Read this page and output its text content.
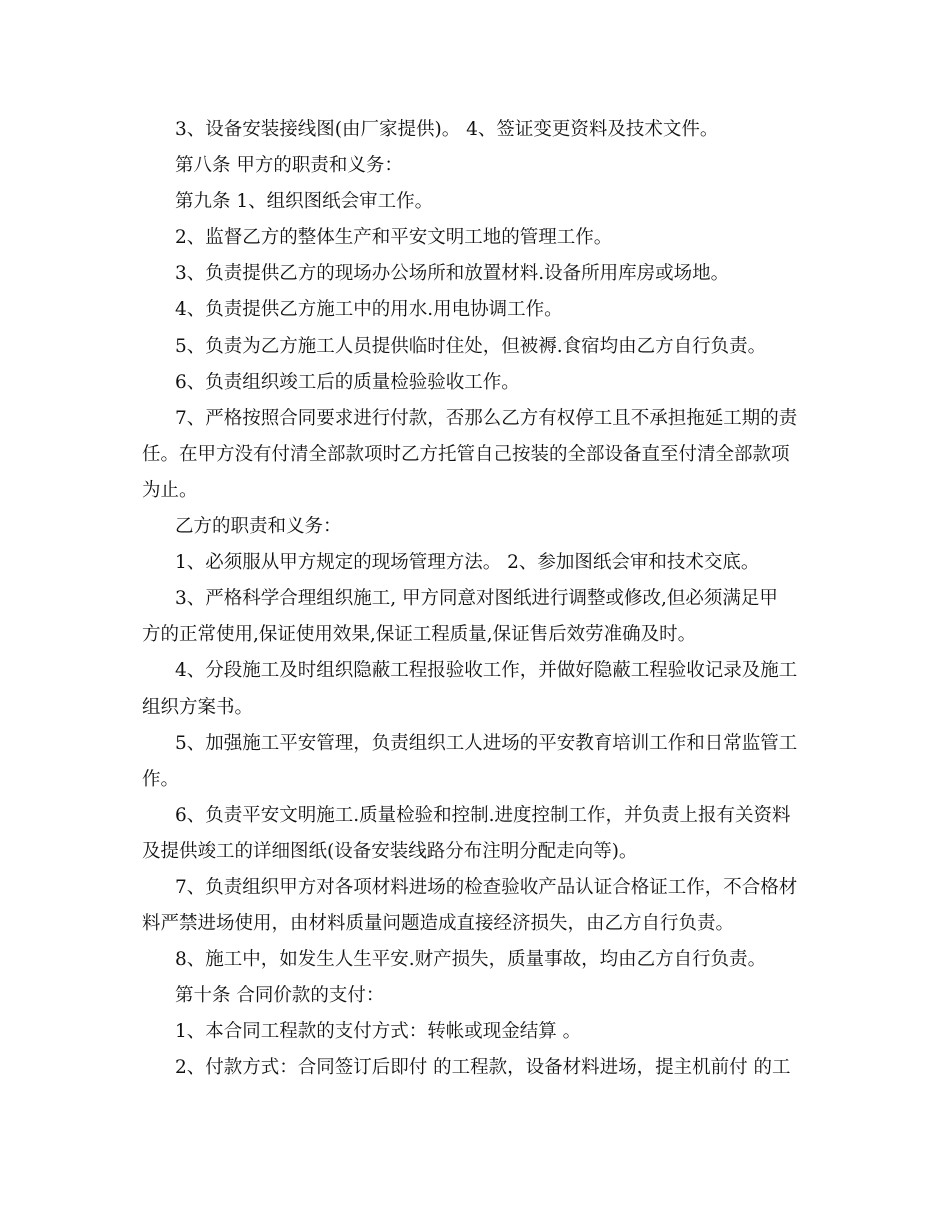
3、设备安装接线图(由厂家提供)。 4、签证变更资料及技术文件。
第八条 甲方的职责和义务：
第九条 1、组织图纸会审工作。
2、监督乙方的整体生产和平安文明工地的管理工作。
3、负责提供乙方的现场办公场所和放置材料.设备所用库房或场地。
4、负责提供乙方施工中的用水.用电协调工作。
5、负责为乙方施工人员提供临时住处，但被褥.食宿均由乙方自行负责。
6、负责组织竣工后的质量检验验收工作。
7、严格按照合同要求进行付款，否那么乙方有权停工且不承担拖延工期的责
任。在甲方没有付清全部款项时乙方托管自己按装的全部设备直至付清全部款项
为止。
乙方的职责和义务：
1、必须服从甲方规定的现场管理方法。 2、参加图纸会审和技术交底。
3、严格科学合理组织施工, 甲方同意对图纸进行调整或修改,但必须满足甲
方的正常使用,保证使用效果,保证工程质量,保证售后效劳准确及时。
4、分段施工及时组织隐蔽工程报验收工作，并做好隐蔽工程验收记录及施工
组织方案书。
5、加强施工平安管理，负责组织工人进场的平安教育培训工作和日常监管工
作。
6、负责平安文明施工.质量检验和控制.进度控制工作，并负责上报有关资料
及提供竣工的详细图纸(设备安装线路分布注明分配走向等)。
7、负责组织甲方对各项材料进场的检查验收产品认证合格证工作，不合格材
料严禁进场使用，由材料质量问题造成直接经济损失，由乙方自行负责。
8、施工中，如发生人生平安.财产损失，质量事故，均由乙方自行负责。
第十条 合同价款的支付：
1、本合同工程款的支付方式：转帐或现金结算 。
2、付款方式：合同签订后即付 的工程款，设备材料进场，提主机前付 的工
